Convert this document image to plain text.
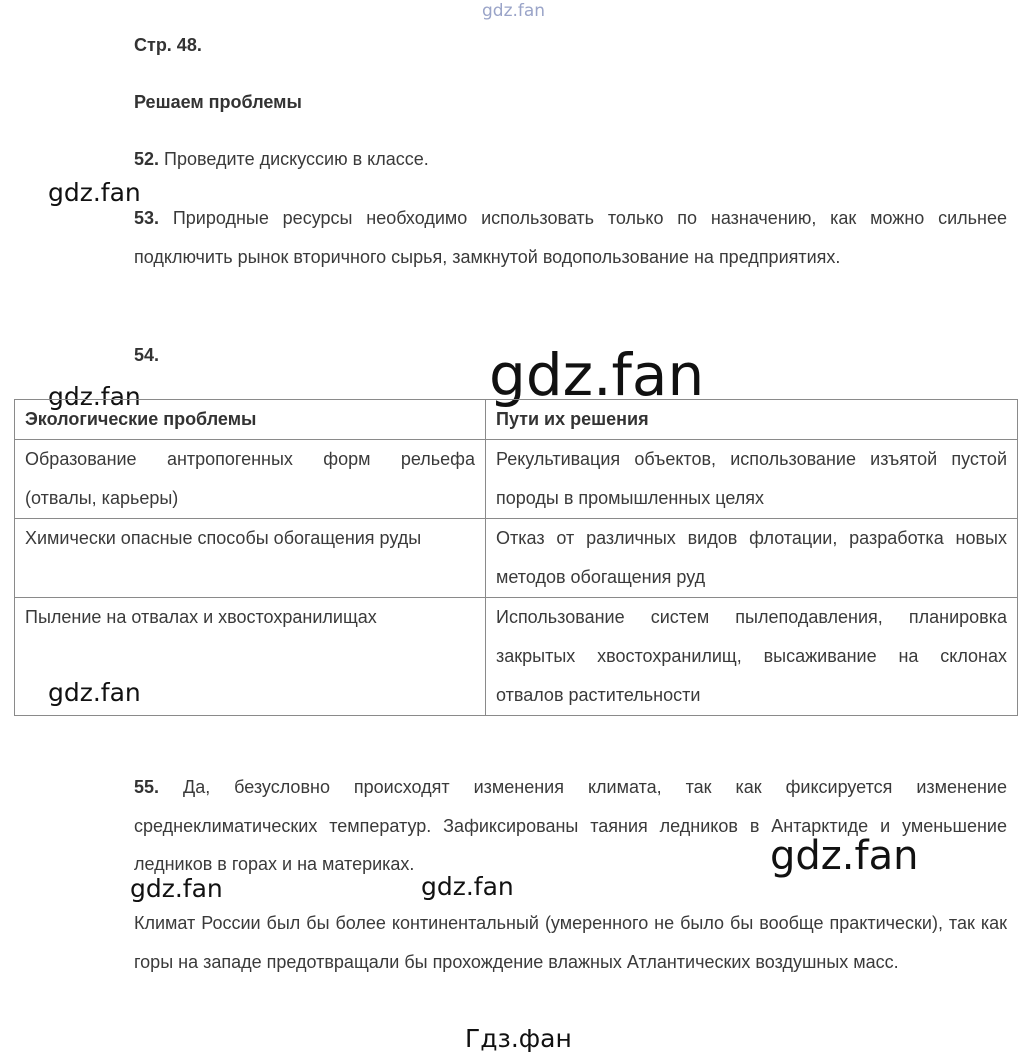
gdz.fan
Стр. 48.
Решаем проблемы
52. Проведите дискуссию в классе.
gdz.fan
53. Природные ресурсы необходимо использовать только по назначению, как можно сильнее подключить рынок вторичного сырья, замкнутой водопользование на предприятиях.
54.	gdz.fan
gdz.fan
Экологические проблемы	Пути их решения
Образование антропогенных форм рельефа (отвалы, карьеры)	Рекультивация объектов, использование изъятой пустой породы в промышленных целях
Химически опасные способы обогащения руды	Отказ от различных видов флотации, разработка новых методов обогащения руд
Пыление на отвалах и хвостохранилищах	Использование систем пылеподавления, планировка закрытых хвостохранилищ, высаживание на склонах отвалов растительности
gdz.fan
55. Да, безусловно происходят изменения климата, так как фиксируется изменение среднеклиматических температур. Зафиксированы таяния ледников в Антарктиде и уменьшение ледников в горах и на материках.	gdz.fan
gdz.fan	gdz.fan
Климат России был бы более континентальный (умеренного не было бы вообще практически), так как горы на западе предотвращали бы прохождение влажных Атлантических воздушных масс.
Гдз.фан
